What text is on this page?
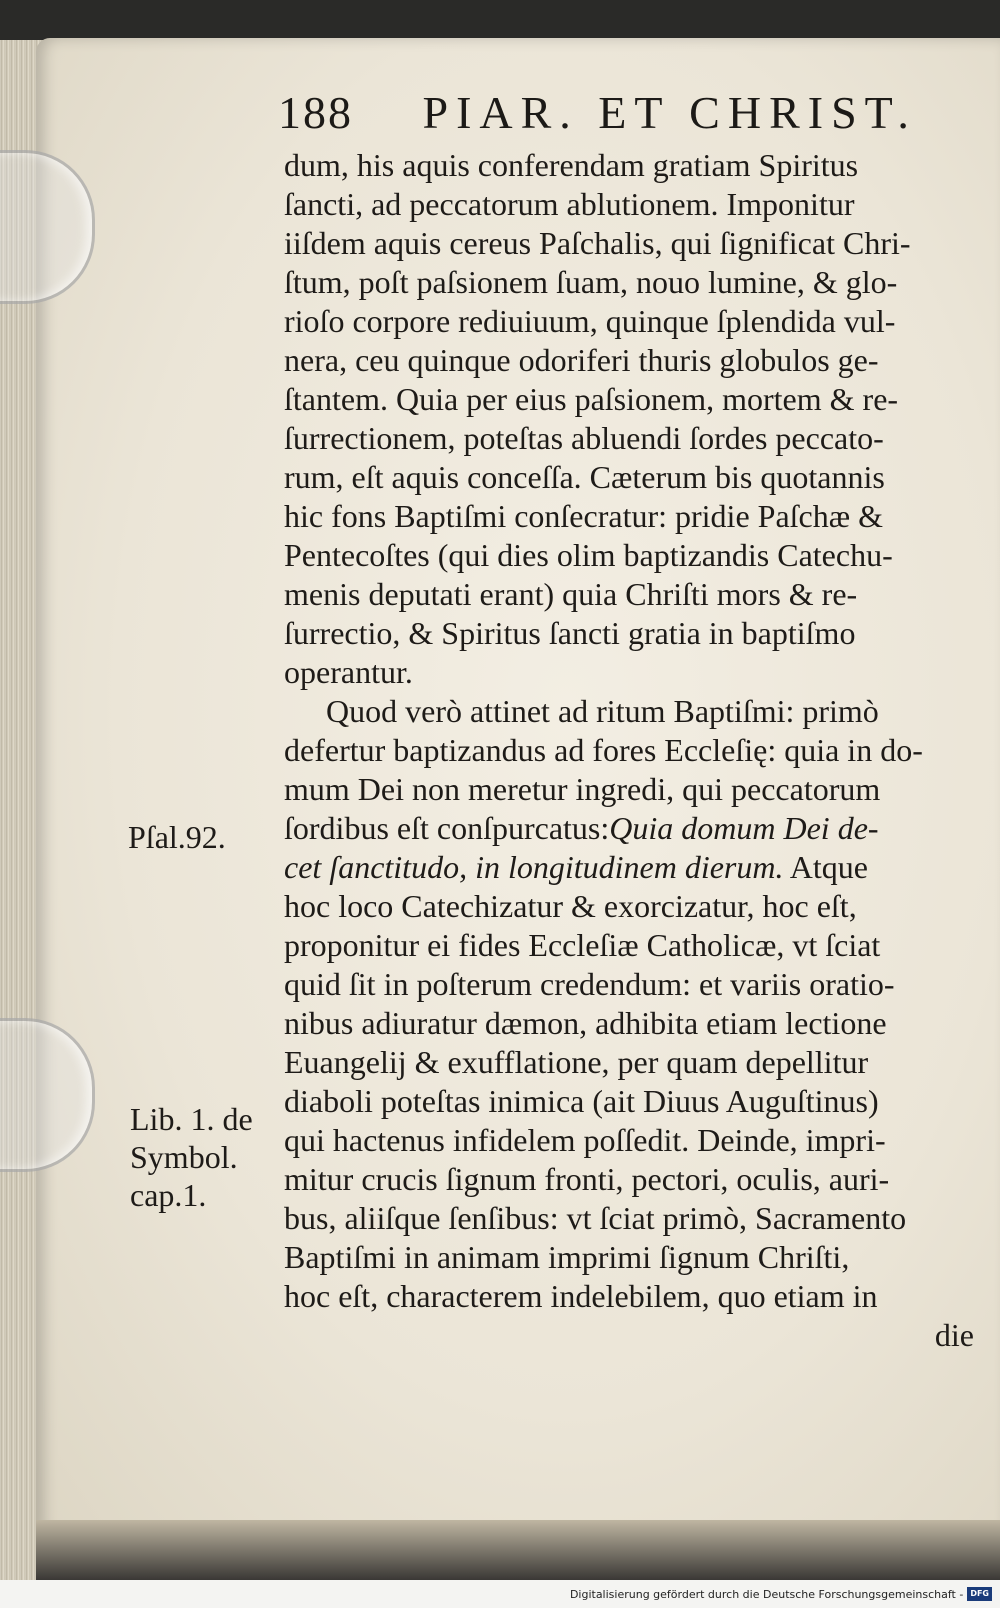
188 PIAR. ET CHRIST.
dum, his aquis conferendam gratiam Spiritus
ſancti, ad peccatorum ablutionem. Imponitur
iiſdem aquis cereus Paſchalis, qui ſignificat Chri-
ſtum, poſt paſsionem ſuam, nouo lumine, & glo-
rioſo corpore rediuiuum, quinque ſplendida vul-
nera, ceu quinque odoriferi thuris globulos ge-
ſtantem. Quia per eius paſsionem, mortem & re-
ſurrectionem, poteſtas abluendi ſordes peccato-
rum, eſt aquis conceſſa. Cæterum bis quotannis
hic fons Baptiſmi conſecratur: pridie Paſchæ &
Pentecoſtes (qui dies olim baptizandis Catechu-
menis deputati erant) quia Chriſti mors & re-
ſurrectio, & Spiritus ſancti gratia in baptiſmo
operantur.
Quod verò attinet ad ritum Baptiſmi: primò
defertur baptizandus ad fores Eccleſię: quia in do-
mum Dei non meretur ingredi, qui peccatorum
ſordibus eſt conſpurcatus:Quia domum Dei de-
cet ſanctitudo, in longitudinem dierum. Atque
hoc loco Catechizatur & exorcizatur, hoc eſt,
proponitur ei fides Eccleſiæ Catholicæ, vt ſciat
quid ſit in poſterum credendum: et variis oratio-
nibus adiuratur dæmon, adhibita etiam lectione
Euangelij & exufflatione, per quam depellitur
diaboli poteſtas inimica (ait Diuus Auguſtinus)
qui hactenus infidelem poſſedit. Deinde, impri-
mitur crucis ſignum fronti, pectori, oculis, auri-
bus, aliiſque ſenſibus: vt ſciat primò, Sacramento
Baptiſmi in animam imprimi ſignum Chriſti,
hoc eſt, characterem indelebilem, quo etiam in
die
Pſal.92.
Lib. 1. de
Symbol.
cap.1.
Digitalisierung gefördert durch die Deutsche Forschungsgemeinschaft - DFG
